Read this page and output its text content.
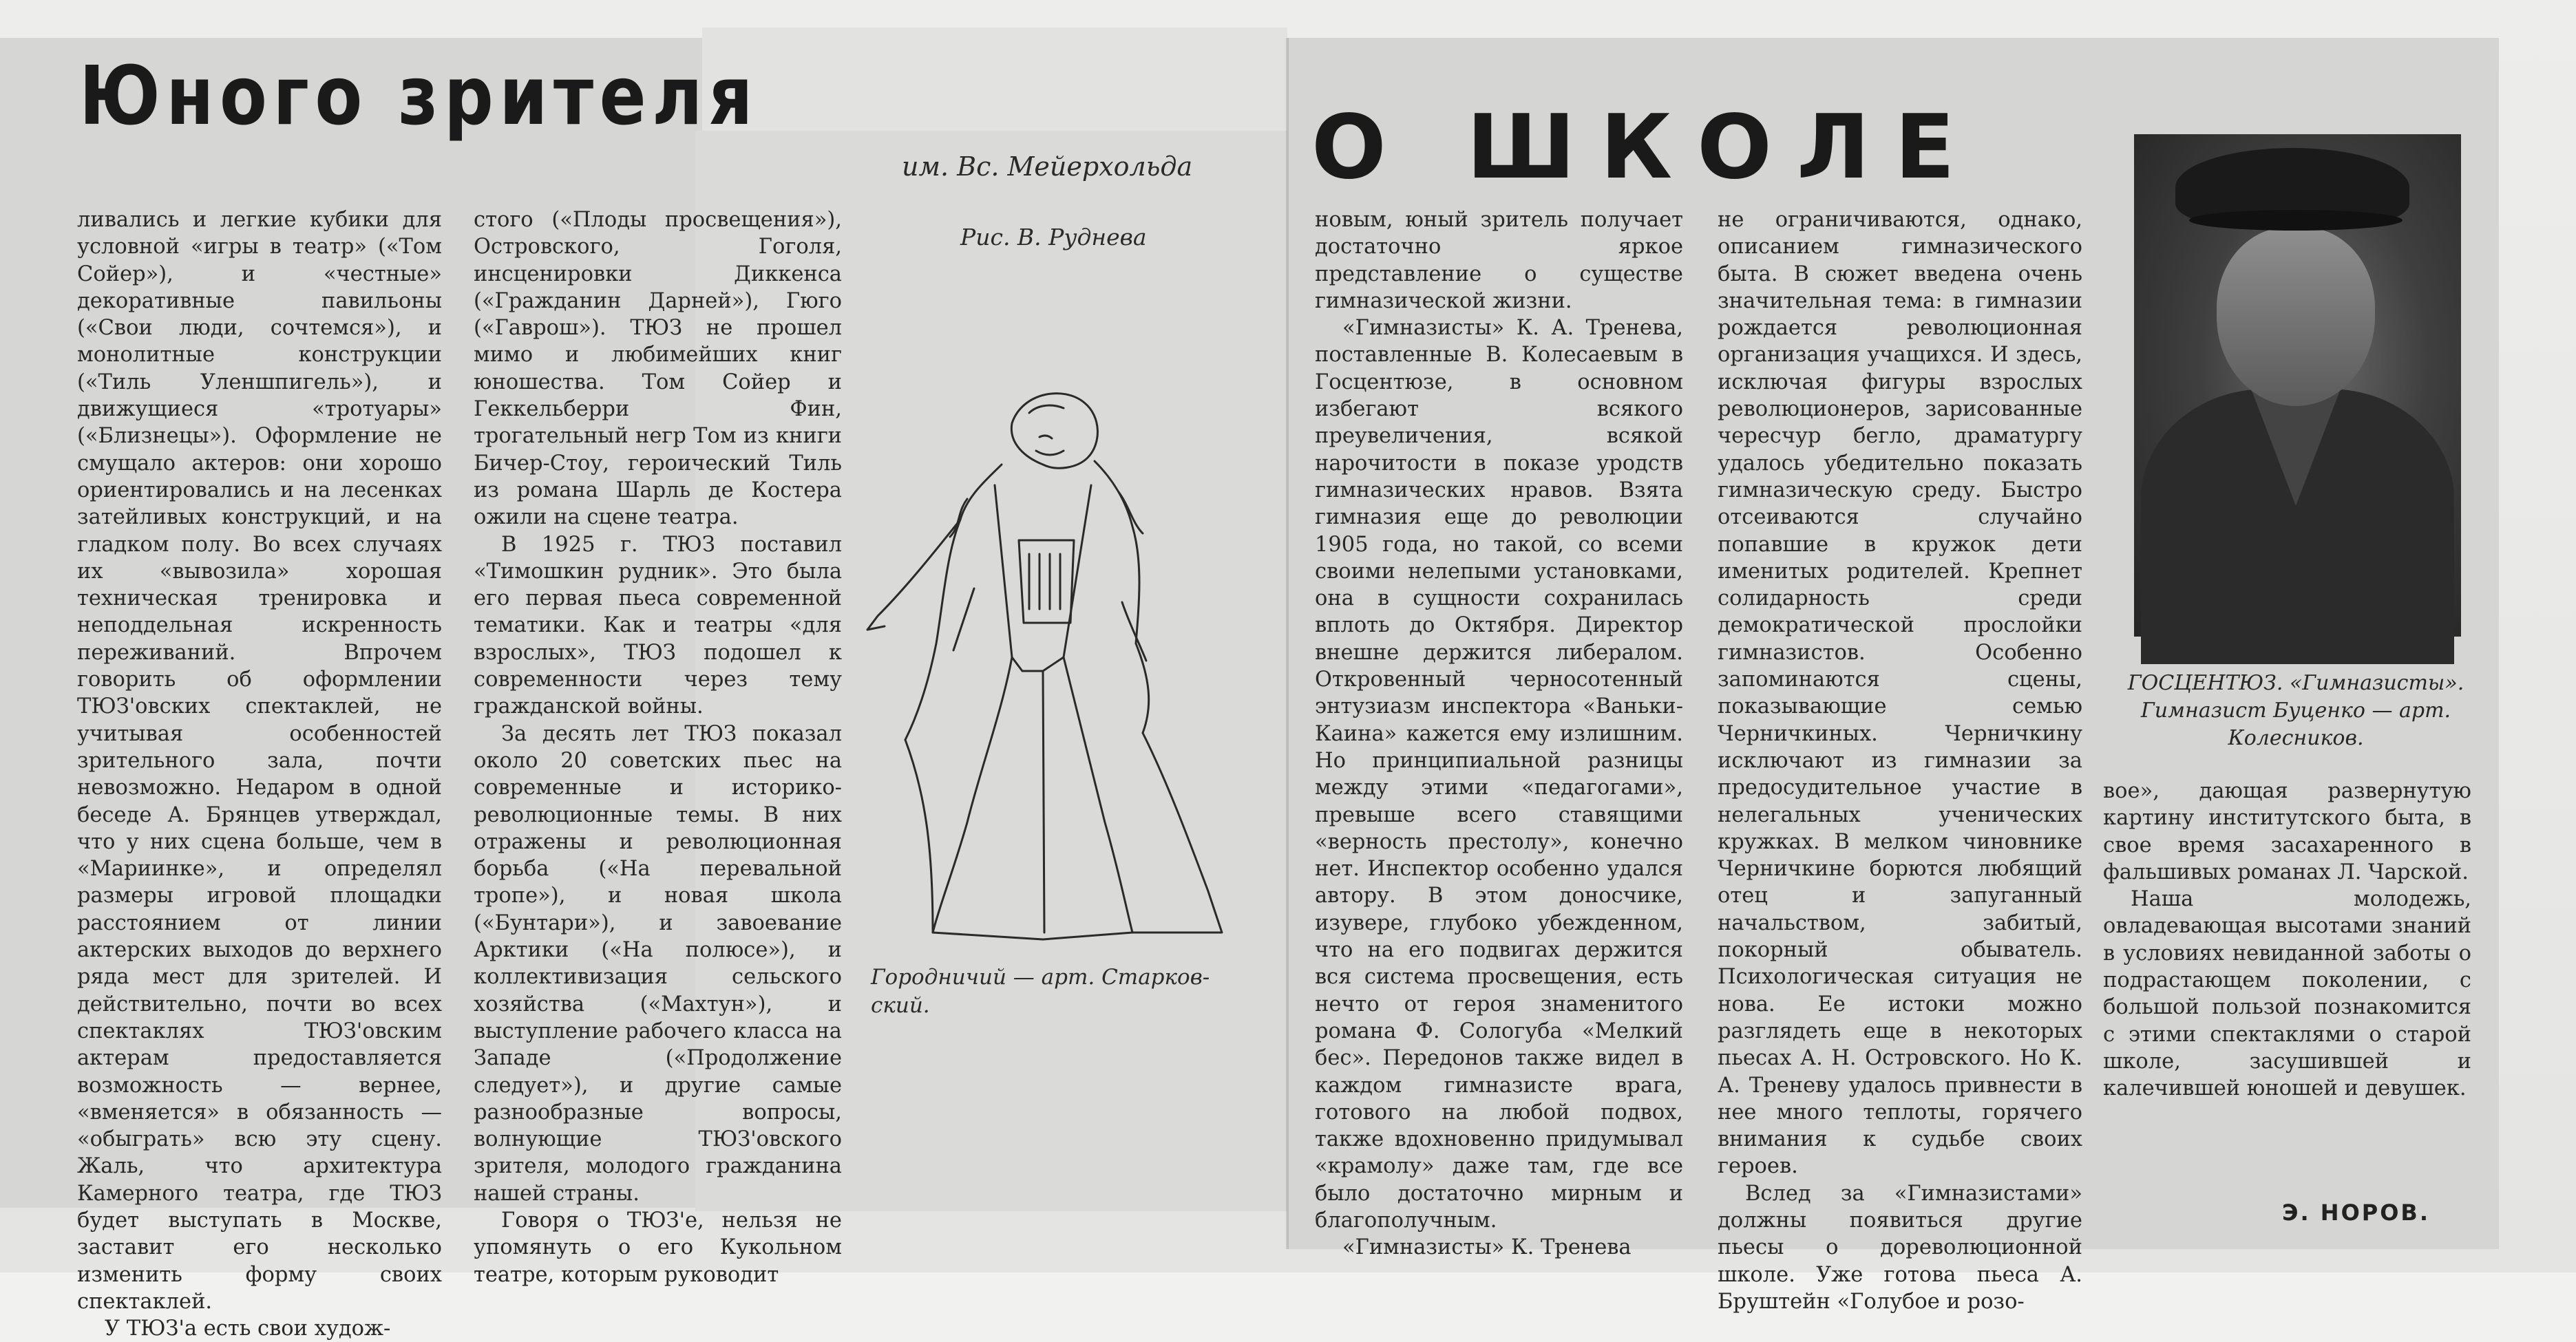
Юного зрителя
О ШКОЛЕ

ливались и легкие кубики для условной «игры в театр» («Том Сойер»), и «честные» декоративные павильоны («Свои люди, сочтемся»), и монолитные конструкции («Тиль Уленшпигель»), и движущиеся «тротуары» («Близнецы»). Оформление не смущало актеров: они хорошо ориентировались и на лесенках затейливых конструкций, и на гладком полу. Во всех случаях их «вывозила» хорошая техническая тренировка и неподдельная искренность переживаний. Впрочем говорить об оформлении ТЮЗ'овских спектаклей, не учитывая особенностей зрительного зала, почти невозможно. Недаром в одной беседе А. Брянцев утверждал, что у них сцена больше, чем в «Мариинке», и определял размеры игровой площадки расстоянием от линии актерских выходов до верхнего ряда мест для зрителей. И действительно, почти во всех спектаклях ТЮЗ'овским актерам предоставляется возможность — вернее, «вменяется» в обязанность — «обыграть» всю эту сцену. Жаль, что архитектура Камерного театра, где ТЮЗ будет выступать в Москве, заставит его несколько изменить форму своих спектаклей.

У ТЮЗ'а есть свои худож-

стого («Плоды просвещения»), Островского, Гоголя, инсценировки Диккенса («Гражданин Дарней»), Гюго («Гаврош»). ТЮЗ не прошел мимо и любимейших книг юношества. Том Сойер и Геккельберри Фин, трогательный негр Том из книги Бичер-Стоу, героический Тиль из романа Шарль де Костера ожили на сцене театра.

В 1925 г. ТЮЗ поставил «Тимошкин рудник». Это была его первая пьеса современной тематики. Как и театры «для взрослых», ТЮЗ подошел к современности через тему гражданской войны.

За десять лет ТЮЗ показал около 20 советских пьес на современные и историко-революционные темы. В них отражены и революционная борьба («На перевальной тропе»), и новая школа («Бунтари»), и завоевание Арктики («На полюсе»), и коллективизация сельского хозяйства («Махтун»), и выступление рабочего класса на Западе («Продолжение следует»), и другие самые разнообразные вопросы, волнующие ТЮЗ'овского зрителя, молодого гражданина нашей страны.

Говоря о ТЮЗ'е, нельзя не упомянуть о его Кукольном театре, которым руководит

им. Вс. Мейерхольда
Рис. В. Руднева
Городничий — арт. Старков-ский.

новым, юный зритель получает достаточно яркое представление о существе гимназической жизни.

«Гимназисты» К. А. Тренева, поставленные В. Колесаевым в Госцентюзе, в основном избегают всякого преувеличения, всякой нарочитости в показе уродств гимназических нравов. Взята гимназия еще до революции 1905 года, но такой, со всеми своими нелепыми установками, она в сущности сохранилась вплоть до Октября. Директор внешне держится либералом. Откровенный черносотенный энтузиазм инспектора «Ваньки-Каина» кажется ему излишним. Но принципиальной разницы между этими «педагогами», превыше всего ставящими «верность престолу», конечно нет. Инспектор особенно удался автору. В этом доносчике, изувере, глубоко убежденном, что на его подвигах держится вся система просвещения, есть нечто от героя знаменитого романа Ф. Сологуба «Мелкий бес». Передонов также видел в каждом гимназисте врага, готового на любой подвох, также вдохновенно придумывал «крамолу» даже там, где все было достаточно мирным и благополучным.

«Гимназисты» К. Тренева

не ограничиваются, однако, описанием гимназического быта. В сюжет введена очень значительная тема: в гимназии рождается революционная организация учащихся. И здесь, исключая фигуры взрослых революционеров, зарисованные чересчур бегло, драматургу удалось убедительно показать гимназическую среду. Быстро отсеиваются случайно попавшие в кружок дети именитых родителей. Крепнет солидарность среди демократической прослойки гимназистов. Особенно запоминаются сцены, показывающие семью Черничкиных. Черничкину исключают из гимназии за предосудительное участие в нелегальных ученических кружках. В мелком чиновнике Черничкине борются любящий отец и запуганный начальством, забитый, покорный обыватель. Психологическая ситуация не нова. Ее истоки можно разглядеть еще в некоторых пьесах А. Н. Островского. Но К. А. Треневу удалось привнести в нее много теплоты, горячего внимания к судьбе своих героев.

Вслед за «Гимназистами» должны появиться другие пьесы о дореволюционной школе. Уже готова пьеса А. Бруштейн «Голубое и розо-

ГОСЦЕНТЮЗ. «Гимназисты».
Гимназист Буценко — арт.
Колесников.

вое», дающая развернутую картину институтского быта, в свое время засахаренного в фальшивых романах Л. Чарской.

Наша молодежь, овладевающая высотами знаний в условиях невиданной заботы о подрастающем поколении, с большой пользой познакомится с этими спектаклями о старой школе, засушившей и калечившей юношей и девушек.

Э. НОРОВ.
